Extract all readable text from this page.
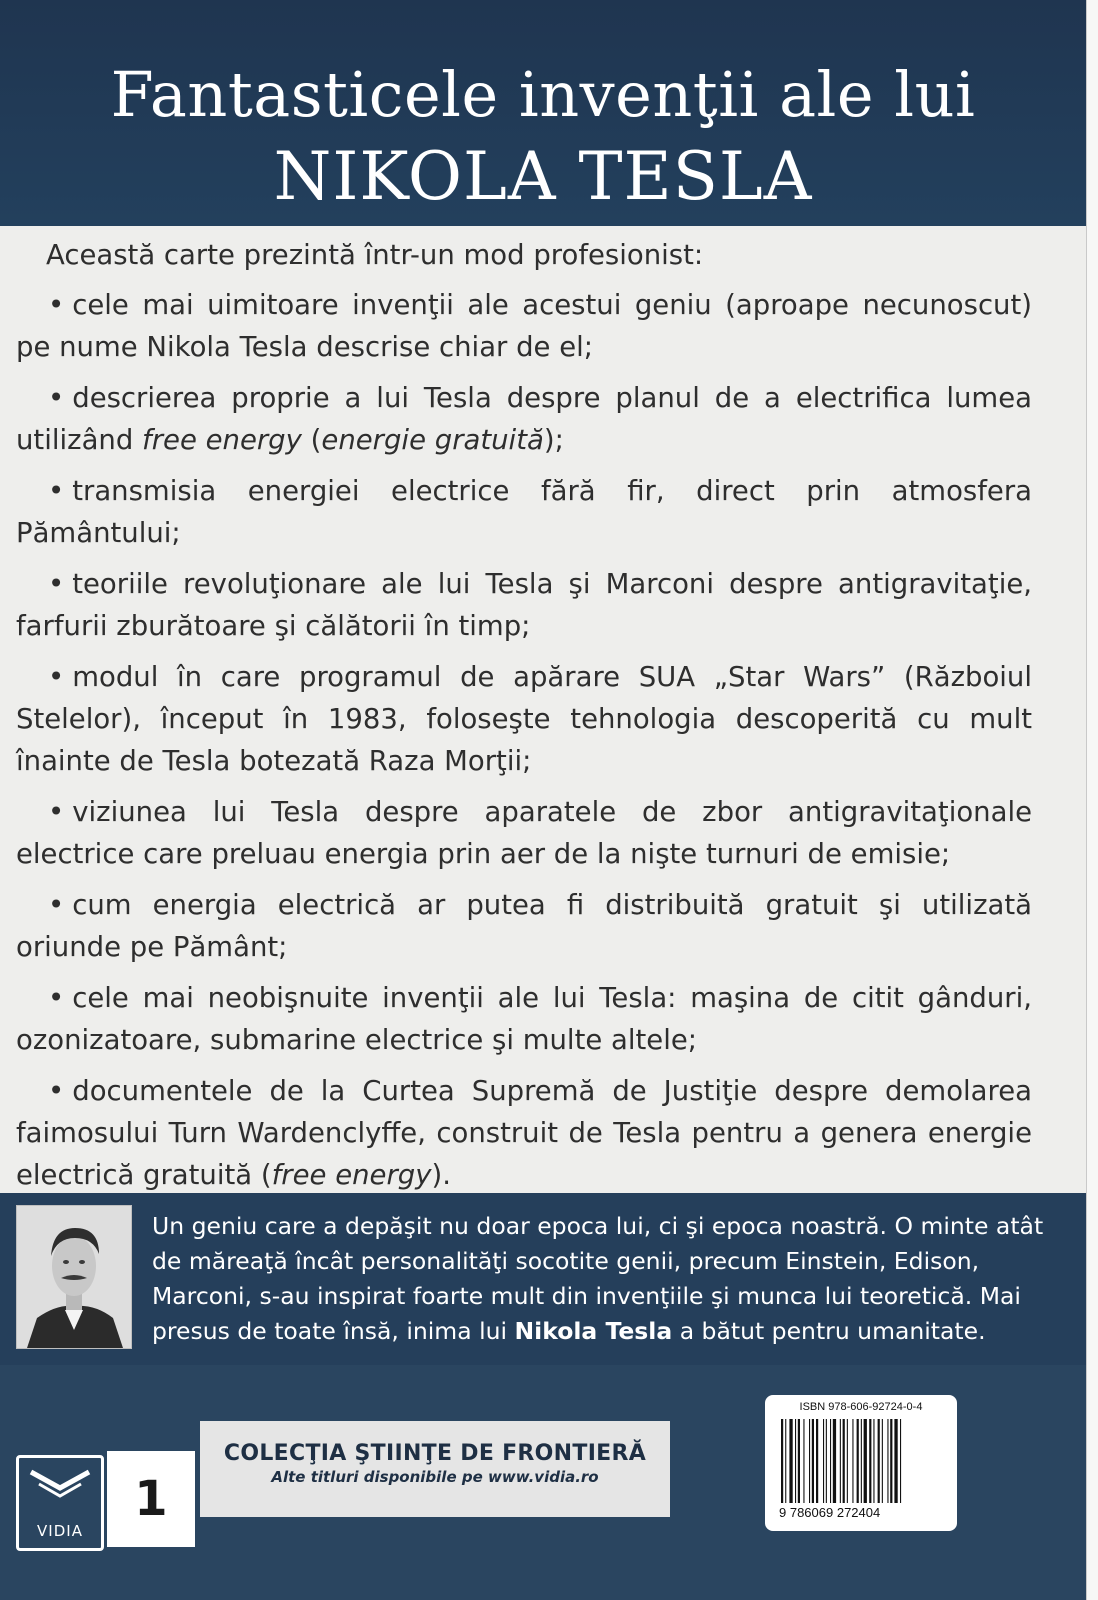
Fantasticele invenţii ale lui
NIKOLA TESLA

Această carte prezintă într-un mod profesionist:

• cele mai uimitoare invenţii ale acestui geniu (aproape necunoscut) pe nume Nikola Tesla descrise chiar de el;

• descrierea proprie a lui Tesla despre planul de a electrifica lumea utilizând free energy (energie gratuită);

• transmisia energiei electrice fără fir, direct prin atmosfera Pământului;

• teoriile revoluţionare ale lui Tesla şi Marconi despre antigravitaţie, farfurii zburătoare şi călătorii în timp;

• modul în care programul de apărare SUA „Star Wars” (Războiul Stelelor), început în 1983, foloseşte tehnologia descoperită cu mult înainte de Tesla botezată Raza Morţii;

• viziunea lui Tesla despre aparatele de zbor antigravitaţionale electrice care preluau energia prin aer de la nişte turnuri de emisie;

• cum energia electrică ar putea fi distribuită gratuit şi utilizată oriunde pe Pământ;

• cele mai neobişnuite invenţii ale lui Tesla: maşina de citit gânduri, ozonizatoare, submarine electrice şi multe altele;

• documentele de la Curtea Supremă de Justiţie despre demolarea faimosului Turn Wardenclyffe, construit de Tesla pentru a genera energie electrică gratuită (free energy).

Un geniu care a depăşit nu doar epoca lui, ci şi epoca noastră. O minte atât de măreaţă încât personalităţi socotite genii, precum Einstein, Edison, Marconi, s-au inspirat foarte mult din invenţiile şi munca lui teoretică. Mai presus de toate însă, inima lui Nikola Tesla a bătut pentru umanitate.
VIDIA
1
COLECŢIA ŞTIINŢE DE FRONTIERĂ
Alte titluri disponibile pe www.vidia.ro
ISBN 978-606-92724-0-4
9 786069 272404
